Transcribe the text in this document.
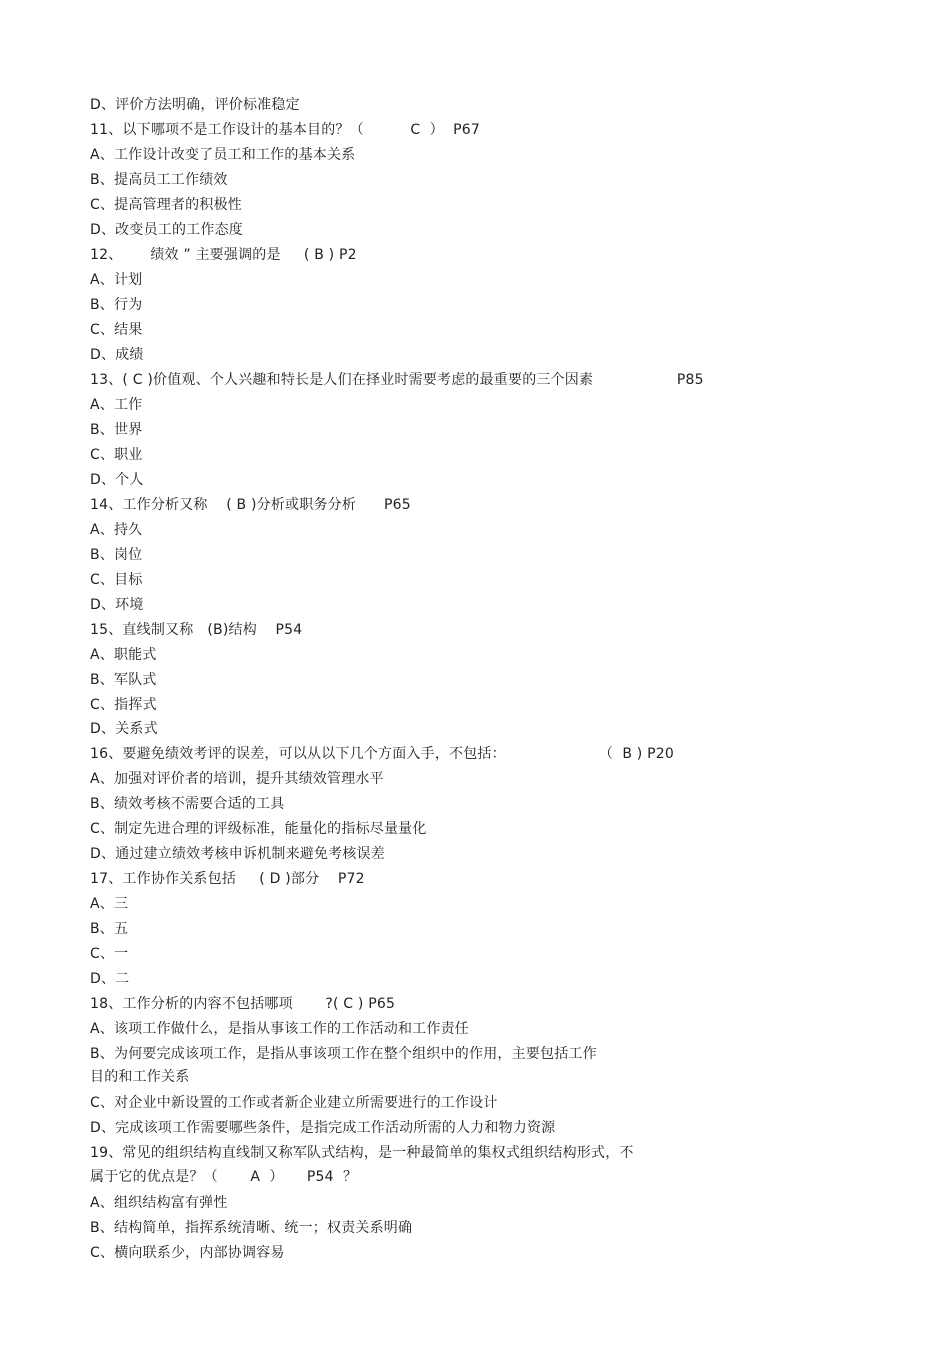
D、评价方法明确，评价标准稳定
11、以下哪项不是工作设计的基本目的？（          C  ）  P67
A、工作设计改变了员工和工作的基本关系
B、提高员工工作绩效
C、提高管理者的积极性
D、改变员工的工作态度
12、      绩效 ” 主要强调的是     ( B ) P2
A、计划
B、行为
C、结果
D、成绩
13、( C )价值观、个人兴趣和特长是人们在择业时需要考虑的最重要的三个因素                  P85
A、工作
B、世界
C、职业
D、个人
14、工作分析又称    ( B )分析或职务分析      P65
A、持久
B、岗位
C、目标
D、环境
15、直线制又称   (B)结构    P54
A、职能式
B、军队式
C、指挥式
D、关系式
16、要避免绩效考评的误差，可以从以下几个方面入手，不包括：                    （  B ) P20
A、加强对评价者的培训，提升其绩效管理水平
B、绩效考核不需要合适的工具
C、制定先进合理的评级标准，能量化的指标尽量量化
D、通过建立绩效考核申诉机制来避免考核误差
17、工作协作关系包括     ( D )部分    P72
A、三
B、五
C、一
D、二
18、工作分析的内容不包括哪项       ?( C ) P65
A、该项工作做什么，是指从事该工作的工作活动和工作责任
B、为何要完成该项工作，是指从事该项工作在整个组织中的作用，主要包括工作
目的和工作关系
C、对企业中新设置的工作或者新企业建立所需要进行的工作设计
D、完成该项工作需要哪些条件，是指完成工作活动所需的人力和物力资源
19、常见的组织结构直线制又称军队式结构，是一种最简单的集权式组织结构形式，不
属于它的优点是？（       A  ）     P54  ？
A、组织结构富有弹性
B、结构简单，指挥系统清晰、统一；权责关系明确
C、横向联系少，内部协调容易
